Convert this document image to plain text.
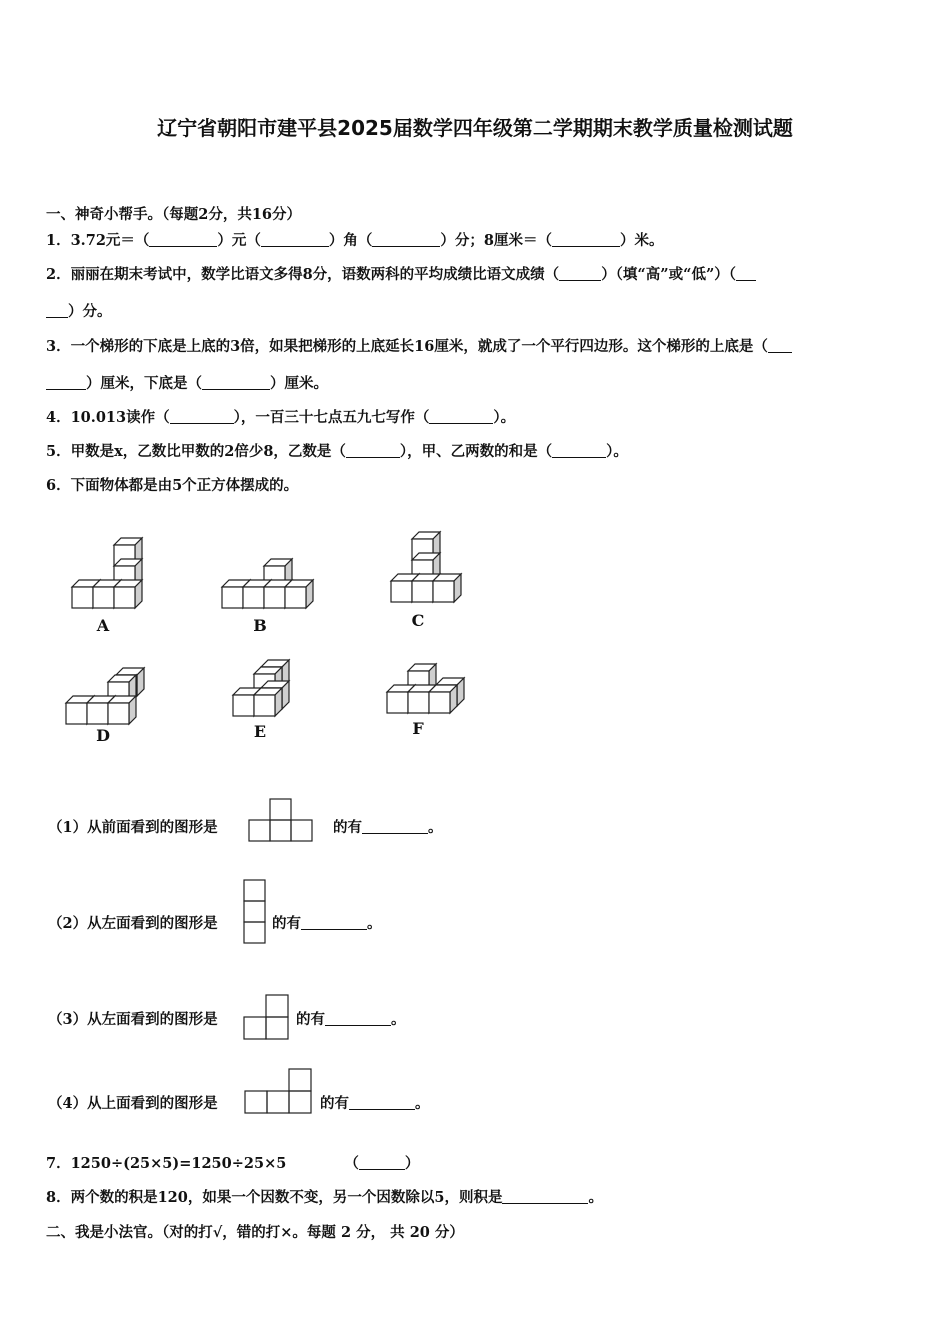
辽宁省朝阳市建平县2025届数学四年级第二学期期末教学质量检测试题
一、神奇小帮手。（每题2分，共16分）
1．3.72元＝（	）元（	）角（	）分；8厘米＝（	）米。
2．丽丽在期末考试中，数学比语文多得8分，语数两科的平均成绩比语文成绩（	）（填“高”或“低”）（
）分。
3．一个梯形的下底是上底的3倍，如果把梯形的上底延长16厘米，就成了一个平行四边形。这个梯形的上底是（
）厘米，下底是（	）厘米。
4．10.013读作（	），一百三十七点五九七写作（	）。
5．甲数是x，乙数比甲数的2倍少8，乙数是（	），甲、乙两数的和是（	）。
6．下面物体都是由5个正方体摆成的。
A	B	C
D	E	F
（1）从前面看到的图形是	的有	。
（2）从左面看到的图形是	的有	。
（3）从左面看到的图形是	的有	。
（4）从上面看到的图形是	的有	。
7．1250÷(25×5)=1250÷25×5	（	）
8．两个数的积是120，如果一个因数不变，另一个因数除以5，则积是	。
二、我是小法官。（对的打√，错的打×。每题 2 分， 共 20 分）
